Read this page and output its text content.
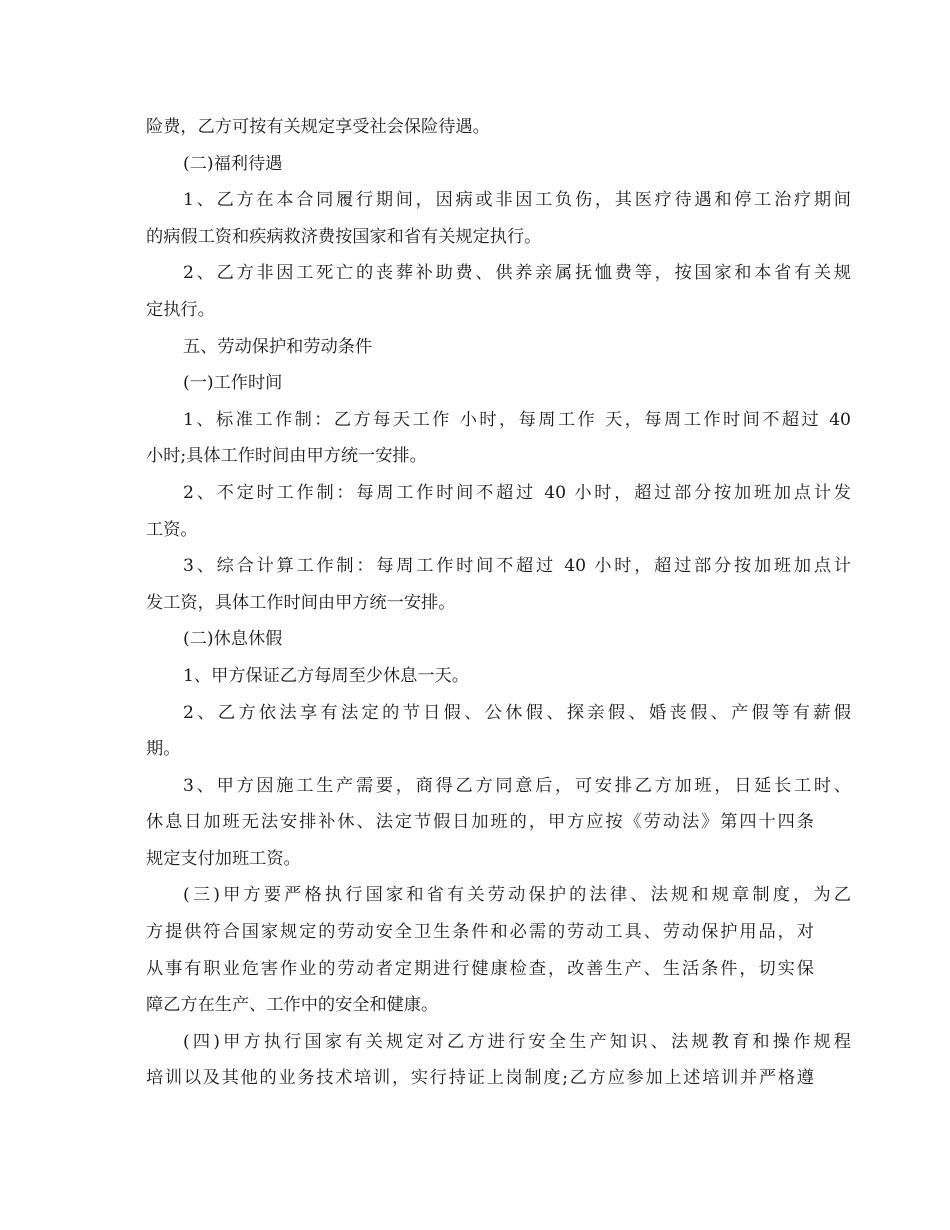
险费，乙方可按有关规定享受社会保险待遇。
(二)福利待遇
1、乙方在本合同履行期间，因病或非因工负伤，其医疗待遇和停工治疗期间
的病假工资和疾病救济费按国家和省有关规定执行。
2、乙方非因工死亡的丧葬补助费、供养亲属抚恤费等，按国家和本省有关规
定执行。
五、劳动保护和劳动条件
(一)工作时间
1、标准工作制：乙方每天工作 小时，每周工作 天，每周工作时间不超过 40
小时;具体工作时间由甲方统一安排。
2、不定时工作制：每周工作时间不超过 40 小时，超过部分按加班加点计发
工资。
3、综合计算工作制：每周工作时间不超过 40 小时，超过部分按加班加点计
发工资，具体工作时间由甲方统一安排。
(二)休息休假
1、甲方保证乙方每周至少休息一天。
2、乙方依法享有法定的节日假、公休假、探亲假、婚丧假、产假等有薪假
期。
3、甲方因施工生产需要，商得乙方同意后，可安排乙方加班，日延长工时、
休息日加班无法安排补休、法定节假日加班的，甲方应按《劳动法》第四十四条
规定支付加班工资。
(三)甲方要严格执行国家和省有关劳动保护的法律、法规和规章制度，为乙
方提供符合国家规定的劳动安全卫生条件和必需的劳动工具、劳动保护用品，对
从事有职业危害作业的劳动者定期进行健康检查，改善生产、生活条件，切实保
障乙方在生产、工作中的安全和健康。
(四)甲方执行国家有关规定对乙方进行安全生产知识、法规教育和操作规程
培训以及其他的业务技术培训，实行持证上岗制度;乙方应参加上述培训并严格遵
